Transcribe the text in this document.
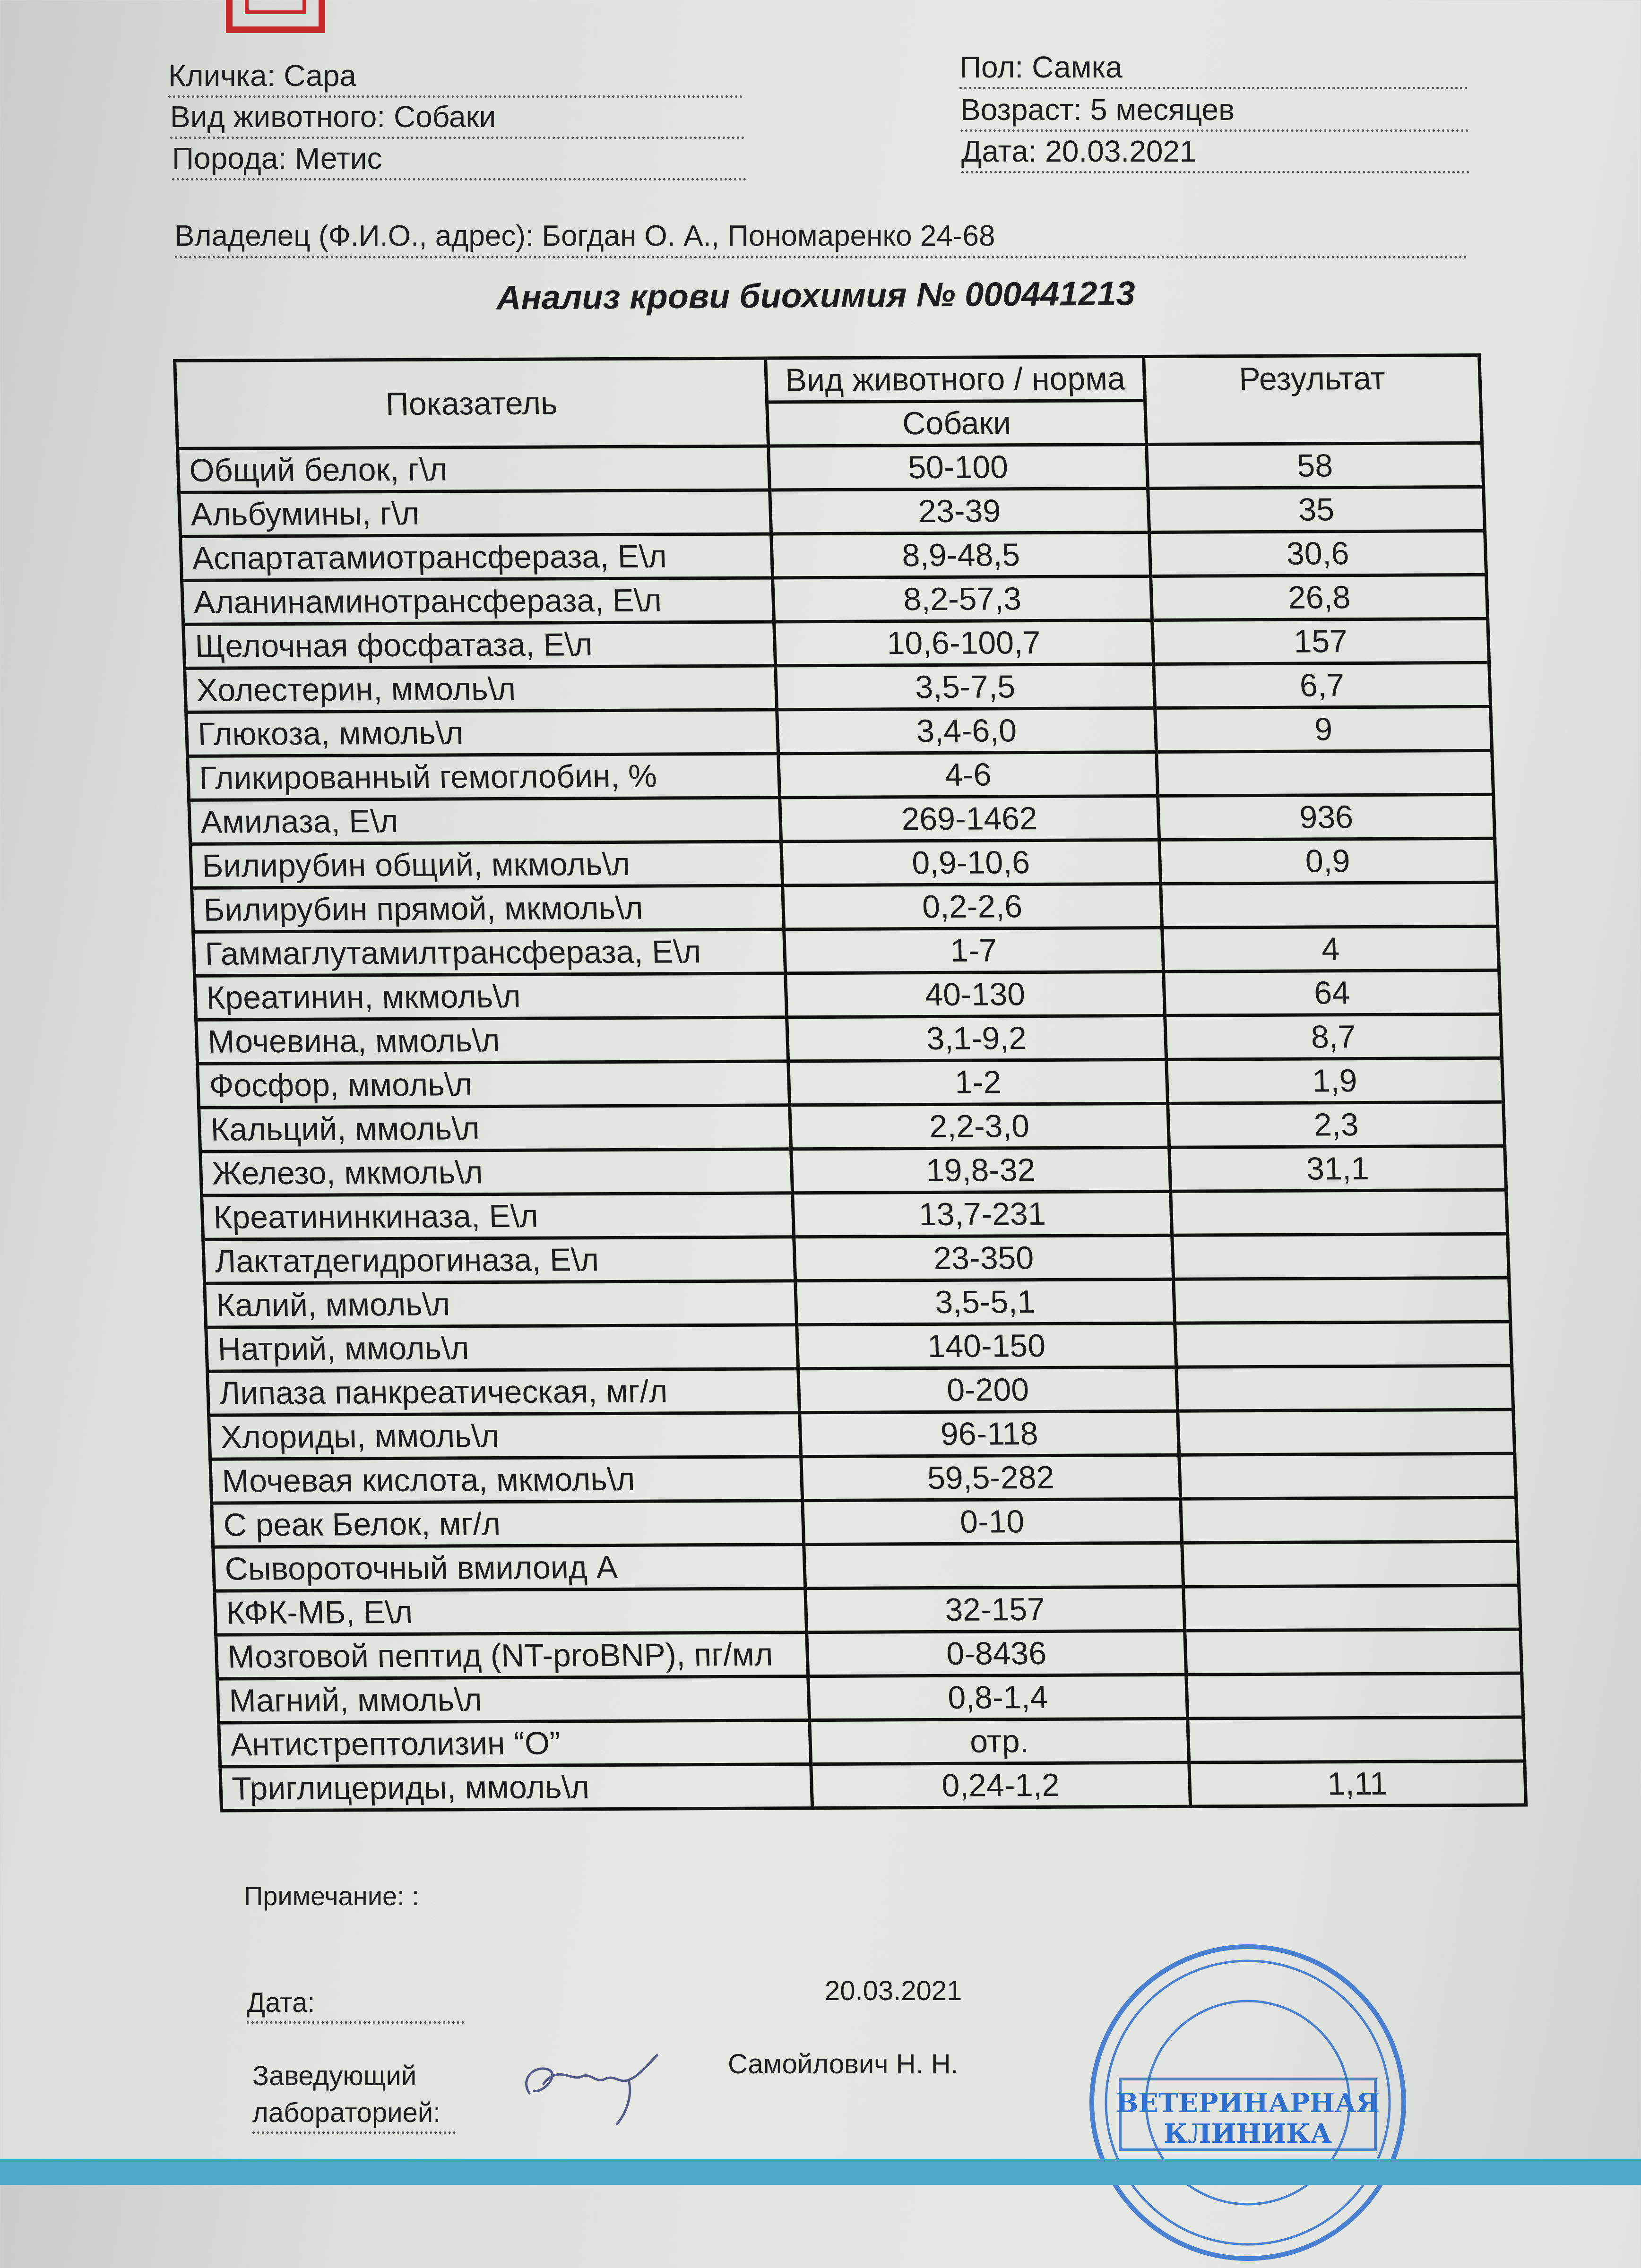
Кличка: Сара
Вид животного: Собаки
Порода: Метис
Пол: Самка
Возраст: 5 месяцев
Дата: 20.03.2021
Владелец (Ф.И.О., адрес): Богдан О. А., Пономаренко 24-68
Анализ крови биохимия № 000441213
Показатель	Вид животного / норма	Результат
	Собаки	
Общий белок, г\л	50-100	58
Альбумины, г\л	23-39	35
Аспартатамиотрансфераза, Е\л	8,9-48,5	30,6
Аланинаминотрансфераза, Е\л	8,2-57,3	26,8
Щелочная фосфатаза, Е\л	10,6-100,7	157
Холестерин, ммоль\л	3,5-7,5	6,7
Глюкоза, ммоль\л	3,4-6,0	9
Гликированный гемоглобин, %	4-6	
Амилаза, Е\л	269-1462	936
Билирубин общий, мкмоль\л	0,9-10,6	0,9
Билирубин прямой, мкмоль\л	0,2-2,6	
Гаммаглутамилтрансфераза, Е\л	1-7	4
Креатинин, мкмоль\л	40-130	64
Мочевина, ммоль\л	3,1-9,2	8,7
Фосфор, ммоль\л	1-2	1,9
Кальций, ммоль\л	2,2-3,0	2,3
Железо, мкмоль\л	19,8-32	31,1
Креатининкиназа, Е\л	13,7-231	
Лактатдегидрогиназа, Е\л	23-350	
Калий, ммоль\л	3,5-5,1	
Натрий, ммоль\л	140-150	
Липаза панкреатическая, мг/л	0-200	
Хлориды, ммоль\л	96-118	
Мочевая кислота, мкмоль\л	59,5-282	
С реак Белок, мг/л	0-10	
Сывороточный вмилоид А		
КФК-МБ, Е\л	32-157	
Мозговой пептид (NT-proBNP), пг/мл	0-8436	
Магний, ммоль\л	0,8-1,4	
Антистрептолизин “О”	отр.	
Триглицериды, ммоль\л	0,24-1,2	1,11
Примечание: :
Дата:	20.03.2021
Заведующий
лабораторией:
Самойлович Н. Н.
ВЕТЕРИНАРНАЯ
КЛИНИКА
